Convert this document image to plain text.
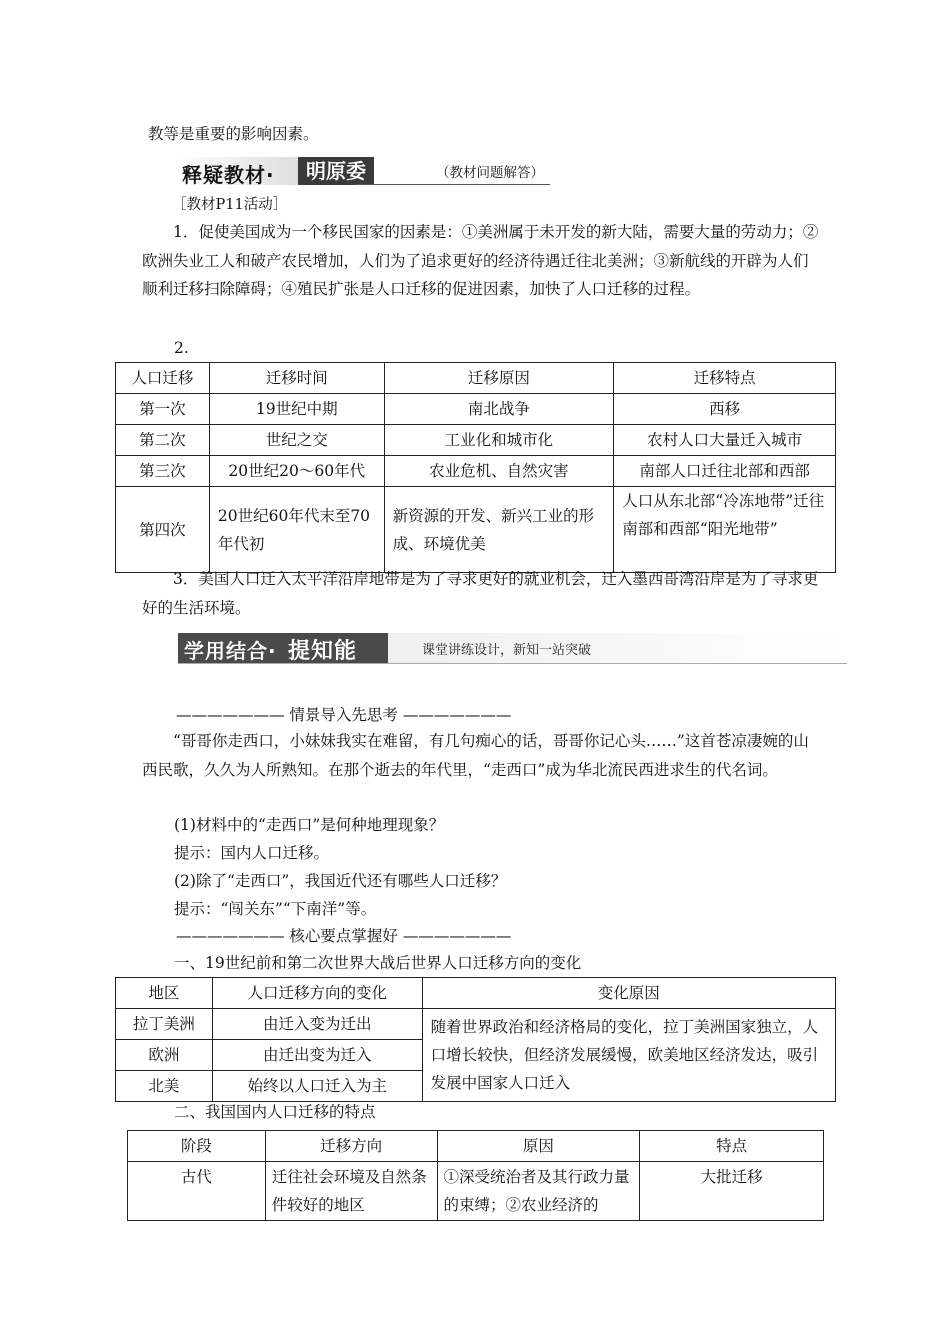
教等是重要的影响因素。
释疑教材·	明原委	（教材问题解答）
［教材P11活动］
1．促使美国成为一个移民国家的因素是：①美洲属于未开发的新大陆，需要大量的劳动力；②欧洲失业工人和破产农民增加，人们为了追求更好的经济待遇迁往北美洲；③新航线的开辟为人们顺利迁移扫除障碍；④殖民扩张是人口迁移的促进因素，加快了人口迁移的过程。
2.
人口迁移	迁移时间	迁移原因	迁移特点
第一次	19世纪中期	南北战争	西移
第二次	世纪之交	工业化和城市化	农村人口大量迁入城市
第三次	20世纪20～60年代	农业危机、自然灾害	南部人口迁往北部和西部
第四次	20世纪60年代末至70年代初	新资源的开发、新兴工业的形成、环境优美	人口从东北部“冷冻地带”迁往南部和西部“阳光地带”
3．美国人口迁入太平洋沿岸地带是为了寻求更好的就业机会，迁入墨西哥湾沿岸是为了寻求更好的生活环境。
学用结合· 提知能	课堂讲练设计，新知一站突破
——————— 情景导入先思考 ———————
“哥哥你走西口，小妹妹我实在难留，有几句痴心的话，哥哥你记心头……”这首苍凉凄婉的山西民歌，久久为人所熟知。在那个逝去的年代里，“走西口”成为华北流民西进求生的代名词。
(1)材料中的“走西口”是何种地理现象？
提示：国内人口迁移。
(2)除了“走西口”，我国近代还有哪些人口迁移？
提示：“闯关东”“下南洋”等。
——————— 核心要点掌握好 ———————
一、19世纪前和第二次世界大战后世界人口迁移方向的变化
地区	人口迁移方向的变化	变化原因
拉丁美洲	由迁入变为迁出	随着世界政治和经济格局的变化，拉丁美洲国家独立，人口增长较快，但经济发展缓慢，欧美地区经济发达，吸引发展中国家人口迁入
欧洲	由迁出变为迁入	
北美	始终以人口迁入为主	
二、我国国内人口迁移的特点
阶段	迁移方向	原因	特点
古代	迁往社会环境及自然条件较好的地区	①深受统治者及其行政力量的束缚；②农业经济的	大批迁移
